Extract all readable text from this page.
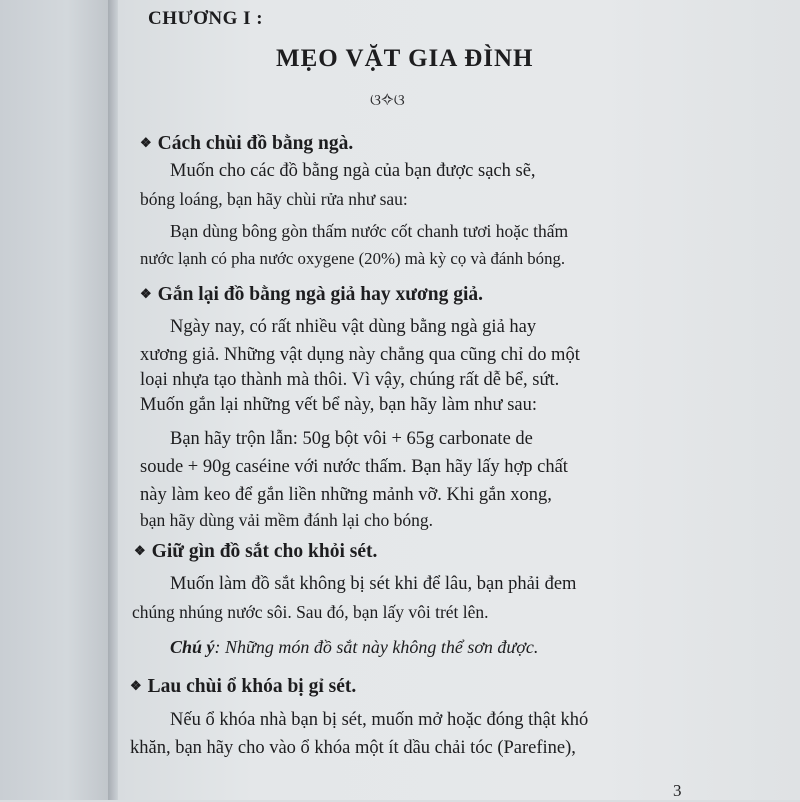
CHƯƠNG I :
MẸO VẶT GIA ĐÌNH
ଓ✧ଓ
❖ Cách chùi đồ bằng ngà.
Muốn cho các đồ bằng ngà của bạn được sạch sẽ,
bóng loáng, bạn hãy chùi rửa như sau:
Bạn dùng bông gòn thấm nước cốt chanh tươi hoặc thấm
nước lạnh có pha nước oxygene (20%) mà kỳ cọ và đánh bóng.
❖ Gắn lại đồ bằng ngà giả hay xương giả.
Ngày nay, có rất nhiều vật dùng bằng ngà giả hay
xương giả. Những vật dụng này chẳng qua cũng chỉ do một
loại nhựa tạo thành mà thôi. Vì vậy, chúng rất dễ bể, sứt.
Muốn gắn lại những vết bể này, bạn hãy làm như sau:
Bạn hãy trộn lẫn: 50g bột vôi + 65g carbonate de
soude + 90g caséine với nước thấm. Bạn hãy lấy hợp chất
này làm keo để gắn liền những mảnh vỡ. Khi gắn xong,
bạn hãy dùng vải mềm đánh lại cho bóng.
❖ Giữ gìn đồ sắt cho khỏi sét.
Muốn làm đồ sắt không bị sét khi để lâu, bạn phải đem
chúng nhúng nước sôi. Sau đó, bạn lấy vôi trét lên.
Chú ý: Những món đồ sắt này không thể sơn được.
❖ Lau chùi ổ khóa bị gỉ sét.
Nếu ổ khóa nhà bạn bị sét, muốn mở hoặc đóng thật khó
khăn, bạn hãy cho vào ổ khóa một ít dầu chải tóc (Parefine),
3
